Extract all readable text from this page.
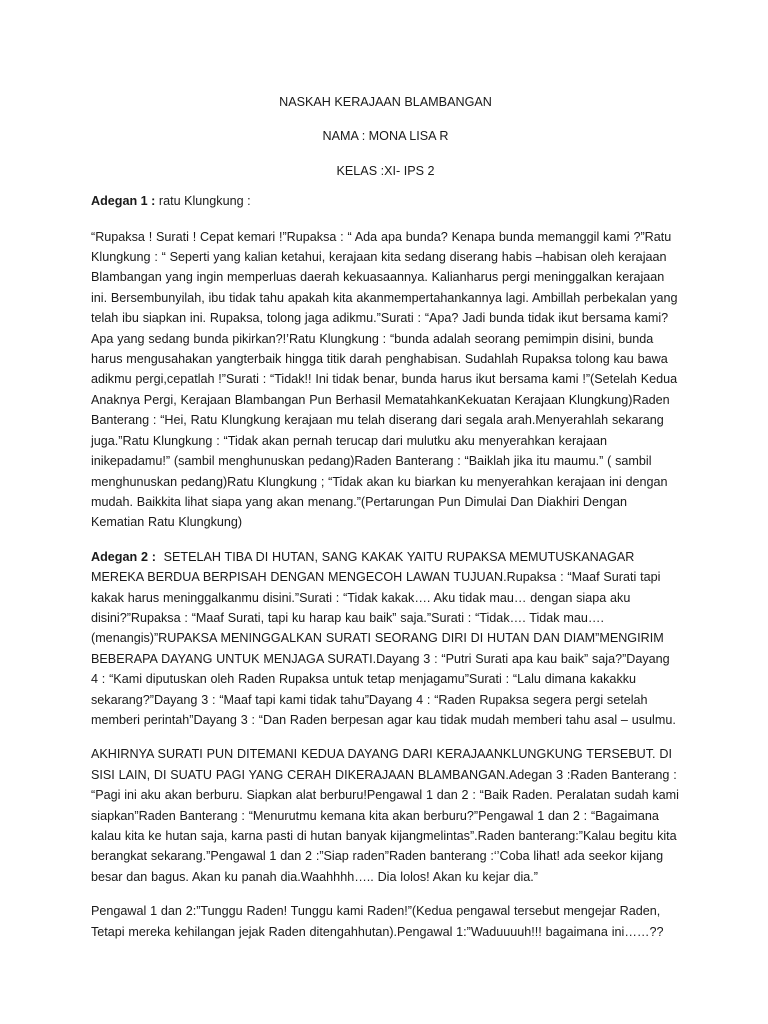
NASKAH KERAJAAN BLAMBANGAN

NAMA : MONA LISA R

KELAS :XI- IPS 2

Adegan 1 : ratu Klungkung :

“Rupaksa ! Surati ! Cepat kemari !”Rupaksa : “ Ada apa bunda? Kenapa bunda memanggil kami ?”Ratu Klungkung : “ Seperti yang kalian ketahui, kerajaan kita sedang diserang habis –habisan oleh kerajaan Blambangan yang ingin memperluas daerah kekuasaannya. Kalianharus pergi meninggalkan kerajaan ini. Bersembunyilah, ibu tidak tahu apakah kita akanmempertahankannya lagi. Ambillah perbekalan yang telah ibu siapkan ini. Rupaksa, tolong jaga adikmu.”Surati : “Apa? Jadi bunda tidak ikut bersama kami? Apa yang sedang bunda pikirkan?!’Ratu Klungkung : “bunda adalah seorang pemimpin disini, bunda harus mengusahakan yangterbaik hingga titik darah penghabisan. Sudahlah Rupaksa tolong kau bawa adikmu pergi,cepatlah !”Surati : “Tidak!! Ini tidak benar, bunda harus ikut bersama kami !”(Setelah Kedua Anaknya Pergi, Kerajaan Blambangan Pun Berhasil MematahkanKekuatan Kerajaan Klungkung)Raden Banterang : “Hei, Ratu Klungkung kerajaan mu telah diserang dari segala arah.Menyerahlah sekarang juga.”Ratu Klungkung : “Tidak akan pernah terucap dari mulutku aku menyerahkan kerajaan inikepadamu!” (sambil menghunuskan pedang)Raden Banterang : “Baiklah jika itu maumu.” ( sambil menghunuskan pedang)Ratu Klungkung ; “Tidak akan ku biarkan ku menyerahkan kerajaan ini dengan mudah. Baikkita lihat siapa yang akan menang.”(Pertarungan Pun Dimulai Dan Diakhiri Dengan Kematian Ratu Klungkung)

Adegan 2 :  SETELAH TIBA DI HUTAN, SANG KAKAK YAITU RUPAKSA MEMUTUSKANAGAR MEREKA BERDUA BERPISAH DENGAN MENGECOH LAWAN TUJUAN.Rupaksa : “Maaf Surati tapi kakak harus meninggalkanmu disini.”Surati : “Tidak kakak…. Aku tidak mau… dengan siapa aku disini?”Rupaksa : “Maaf Surati, tapi ku harap kau baik” saja.”Surati : “Tidak…. Tidak mau…. (menangis)”RUPAKSA MENINGGALKAN SURATI SEORANG DIRI DI HUTAN DAN DIAM”MENGIRIM BEBERAPA DAYANG UNTUK MENJAGA SURATI.Dayang 3 : “Putri Surati apa kau baik” saja?”Dayang 4 : “Kami diputuskan oleh Raden Rupaksa untuk tetap menjagamu”Surati : “Lalu dimana kakakku sekarang?”Dayang 3 : “Maaf tapi kami tidak tahu”Dayang 4 : “Raden Rupaksa segera pergi setelah memberi perintah”Dayang 3 : “Dan Raden berpesan agar kau tidak mudah memberi tahu asal – usulmu.

AKHIRNYA SURATI PUN DITEMANI KEDUA DAYANG DARI KERAJAANKLUNGKUNG TERSEBUT. DI SISI LAIN, DI SUATU PAGI YANG CERAH DIKERAJAAN BLAMBANGAN.Adegan 3 :Raden Banterang : “Pagi ini aku akan berburu. Siapkan alat berburu!Pengawal 1 dan 2 : “Baik Raden. Peralatan sudah kami siapkan”Raden Banterang : “Menurutmu kemana kita akan berburu?”Pengawal 1 dan 2 : “Bagaimana kalau kita ke hutan saja, karna pasti di hutan banyak kijangmelintas”.Raden banterang:”Kalau begitu kita berangkat sekarang.”Pengawal 1 dan 2 :”Siap raden”Raden banterang :‘’Coba lihat! ada seekor kijang besar dan bagus. Akan ku panah dia.Waahhhh….. Dia lolos! Akan ku kejar dia.”

Pengawal 1 dan 2:”Tunggu Raden! Tunggu kami Raden!”(Kedua pengawal tersebut mengejar Raden, Tetapi mereka kehilangan jejak Raden ditengahhutan).Pengawal 1:”Waduuuuh!!! bagaimana ini……??
